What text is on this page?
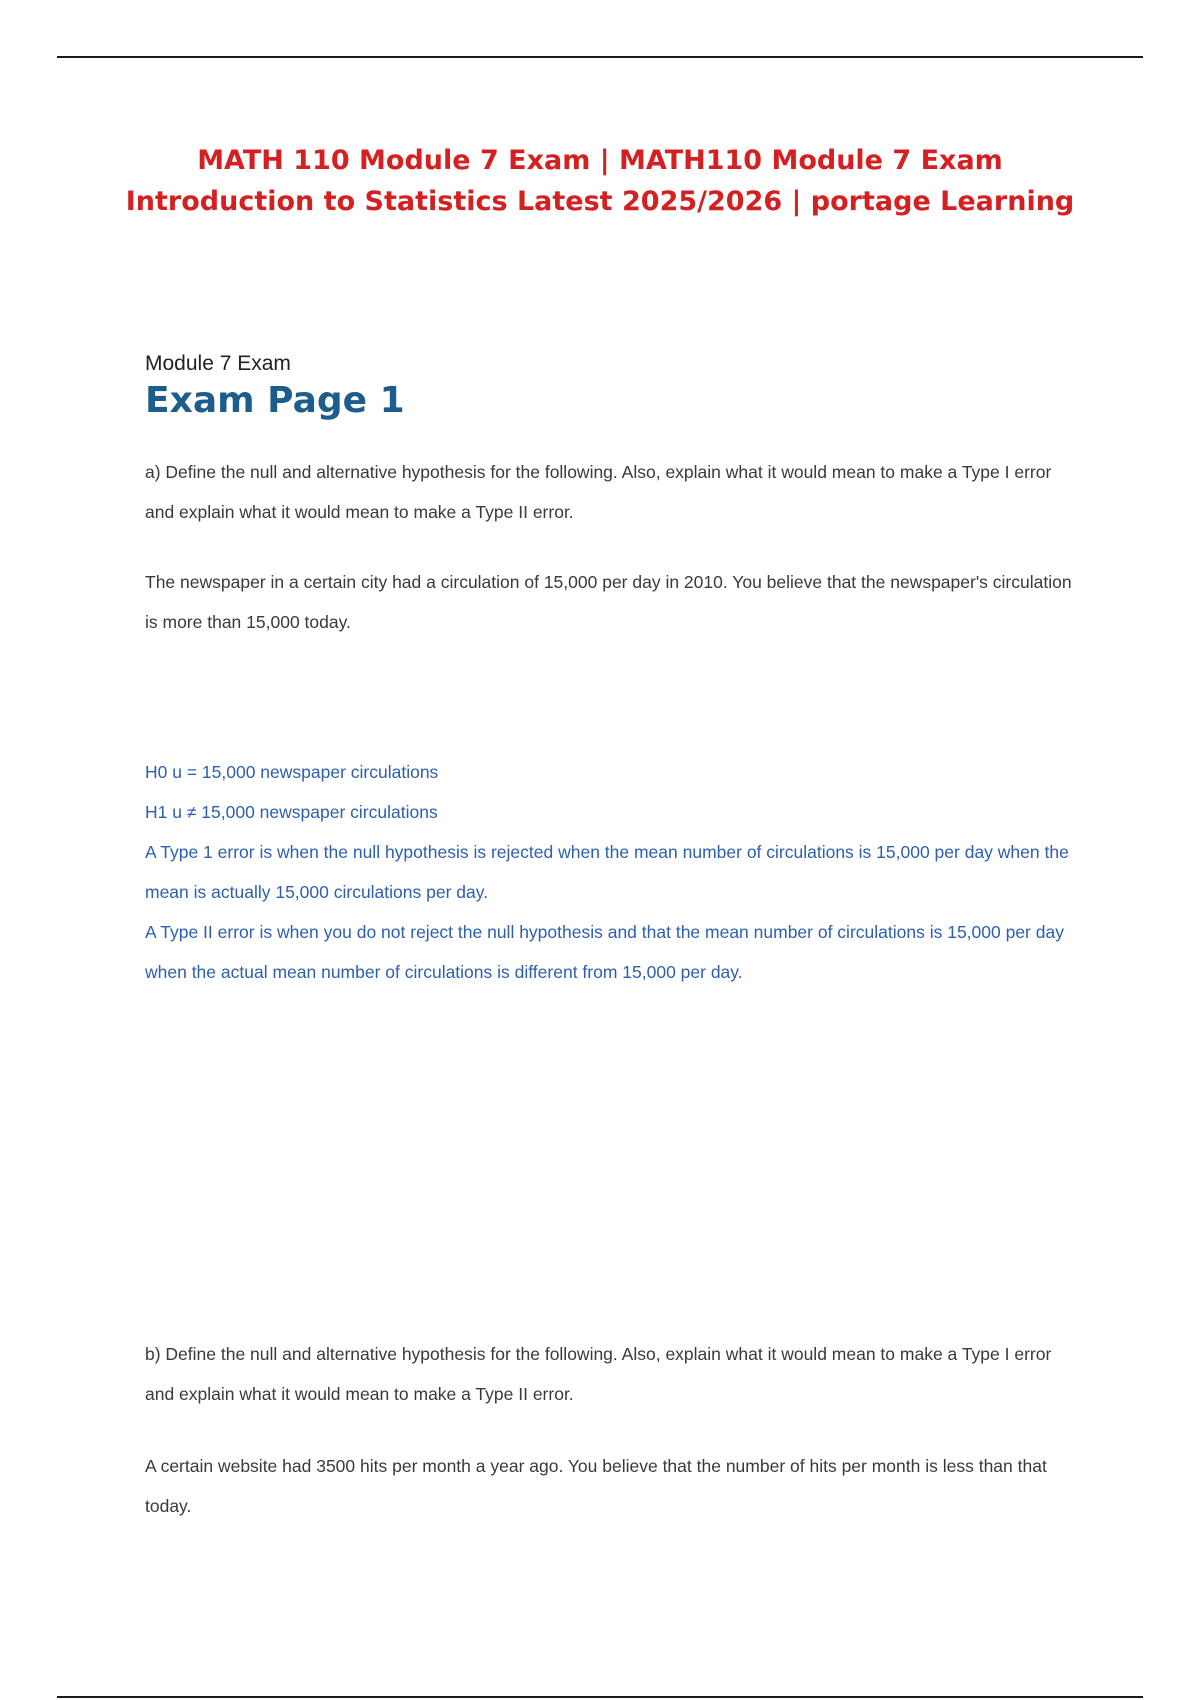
MATH 110 Module 7 Exam | MATH110 Module 7 Exam Introduction to Statistics Latest 2025/2026 | portage Learning

Module 7 Exam

Exam Page 1

a) Define the null and alternative hypothesis for the following. Also, explain what it would mean to make a Type I error and explain what it would mean to make a Type II error.

The newspaper in a certain city had a circulation of 15,000 per day in 2010. You believe that the newspaper's circulation is more than 15,000 today.

H0 u = 15,000 newspaper circulations
H1 u ≠ 15,000 newspaper circulations
A Type 1 error is when the null hypothesis is rejected when the mean number of circulations is 15,000 per day when the mean is actually 15,000 circulations per day.
A Type II error is when you do not reject the null hypothesis and that the mean number of circulations is 15,000 per day when the actual mean number of circulations is different from 15,000 per day.

b) Define the null and alternative hypothesis for the following. Also, explain what it would mean to make a Type I error and explain what it would mean to make a Type II error.

A certain website had 3500 hits per month a year ago. You believe that the number of hits per month is less than that today.
